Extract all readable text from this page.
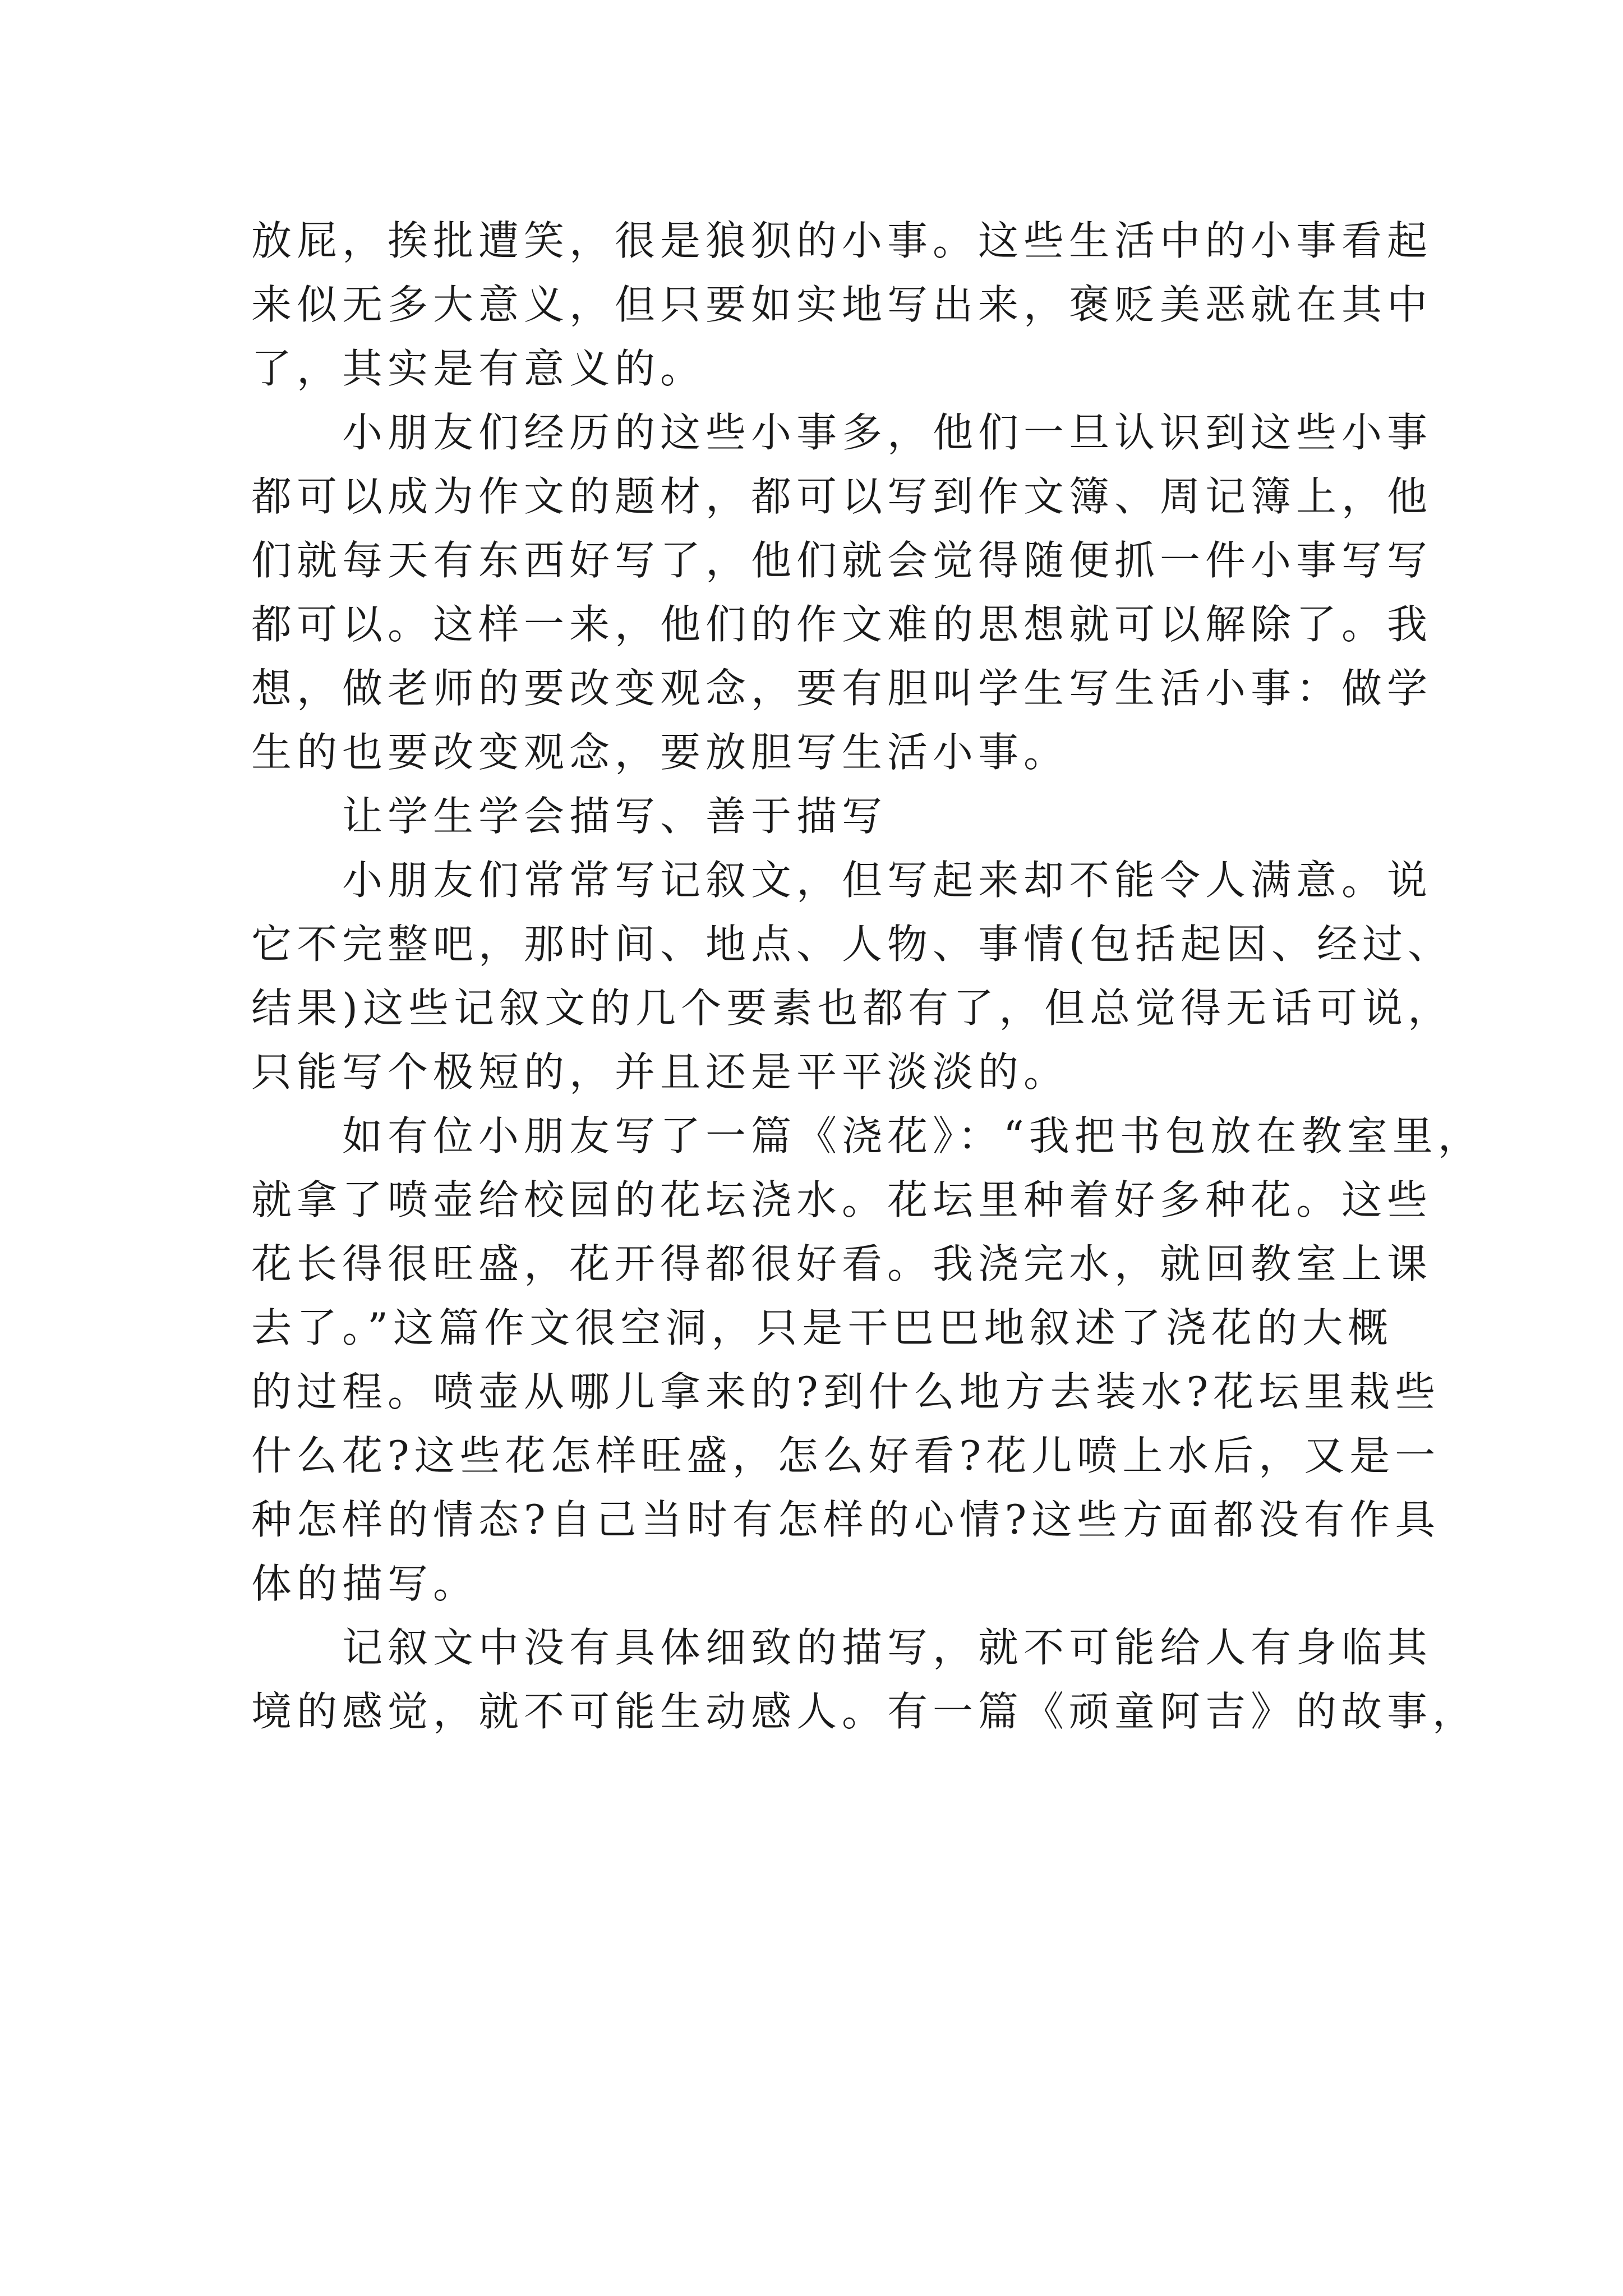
放屁，挨批遭笑，很是狼狈的小事。这些生活中的小事看起
来似无多大意义，但只要如实地写出来，褒贬美恶就在其中
了，其实是有意义的。
小朋友们经历的这些小事多，他们一旦认识到这些小事
都可以成为作文的题材，都可以写到作文簿、周记簿上，他
们就每天有东西好写了，他们就会觉得随便抓一件小事写写
都可以。这样一来，他们的作文难的思想就可以解除了。我
想，做老师的要改变观念，要有胆叫学生写生活小事：做学
生的也要改变观念，要放胆写生活小事。
让学生学会描写、善于描写
小朋友们常常写记叙文，但写起来却不能令人满意。说
它不完整吧，那时间、地点、人物、事情(包括起因、经过、
结果)这些记叙文的几个要素也都有了，但总觉得无话可说，
只能写个极短的，并且还是平平淡淡的。
如有位小朋友写了一篇《浇花》：“我把书包放在教室里，
就拿了喷壶给校园的花坛浇水。花坛里种着好多种花。这些
花长得很旺盛，花开得都很好看。我浇完水，就回教室上课
去了。”这篇作文很空洞，只是干巴巴地叙述了浇花的大概
的过程。喷壶从哪儿拿来的?到什么地方去装水?花坛里栽些
什么花?这些花怎样旺盛，怎么好看?花儿喷上水后，又是一
种怎样的情态?自己当时有怎样的心情?这些方面都没有作具
体的描写。
记叙文中没有具体细致的描写，就不可能给人有身临其
境的感觉，就不可能生动感人。有一篇《顽童阿吉》的故事，
